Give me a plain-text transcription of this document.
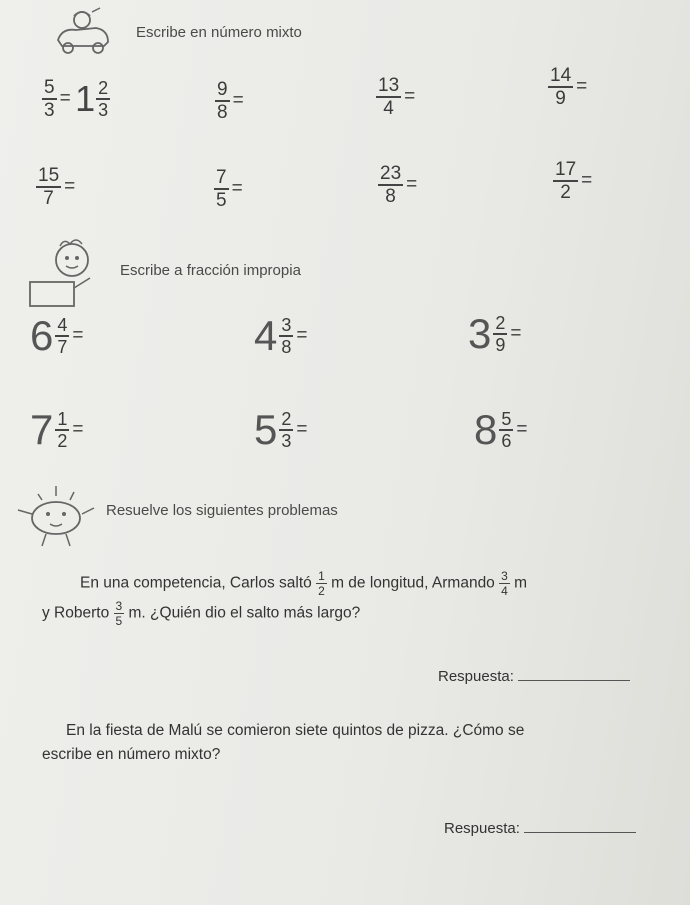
Escribe en número mixto
$\frac{5}{3} = 1 \frac{2}{3}$	$\frac{9}{8}$ =	$\frac{13}{4}$ =	$\frac{14}{9}$ =
$\frac{15}{7}$ =	$\frac{7}{5}$ =	$\frac{23}{8}$ =	$\frac{17}{2}$ =
Escribe a fracción impropia
$6 \frac{4}{7}$ =	$4 \frac{3}{8}$ =	$3 \frac{2}{9}$ =
$7 \frac{1}{2}$ =	$5 \frac{2}{3}$ =	$8 \frac{5}{6}$ =
Resuelve los siguientes problemas
En una competencia, Carlos saltó $\frac{1}{2}$ m de longitud, Armando $\frac{3}{4}$ m
y Roberto $\frac{3}{5} m$. ¿Quién dio el salto más largo?
Respuesta:
En la fiesta de Malú se comieron siete quintos de pizza. ¿Cómo se
escribe en número mixto?
Respuesta:
